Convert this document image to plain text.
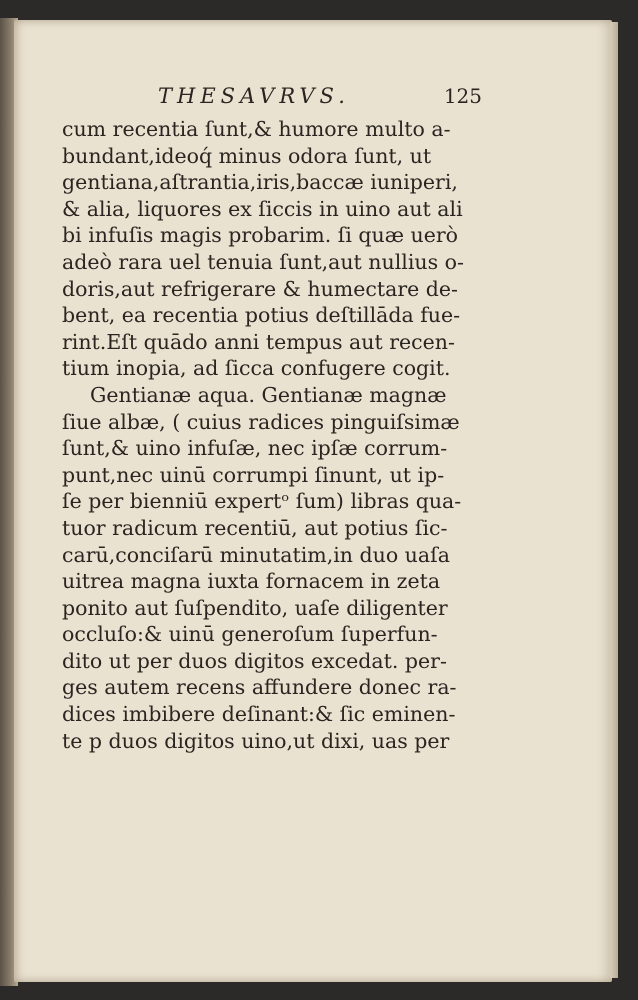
THESAVRVS.	125
cum recentia ſunt,& humore multo a-
bundant,ideoq́ minus odora ſunt, ut
gentiana,aſtrantia,iris,baccæ iuniperi,
& alia, liquores ex ſiccis in uino aut ali
bi infuſis magis probarim. ſi quæ uerò
adeò rara uel tenuia ſunt,aut nullius o-
doris,aut refrigerare & humectare de-
bent, ea recentia potius deſtillāda fue-
rint.Eſt quādo anni tempus aut recen-
tium inopia, ad ſicca confugere cogit.
Gentianæ aqua. Gentianæ magnæ
ſiue albæ, ( cuius radices pinguiſsimæ
ſunt,& uino infuſæ, nec ipſæ corrum-
punt,nec uinū corrumpi ſinunt, ut ip-
ſe per bienniū expertᵒ ſum) libras qua-
tuor radicum recentiū, aut potius ſic-
carū,conciſarū minutatim,in duo uaſa
uitrea magna iuxta fornacem in zeta
ponito aut ſuſpendito, uaſe diligenter
occluſo:& uinū generoſum ſuperfun-
dito ut per duos digitos excedat. per-
ges autem recens affundere donec ra-
dices imbibere deſinant:& ſic eminen-
te p duos digitos uino,ut dixi, uas per
